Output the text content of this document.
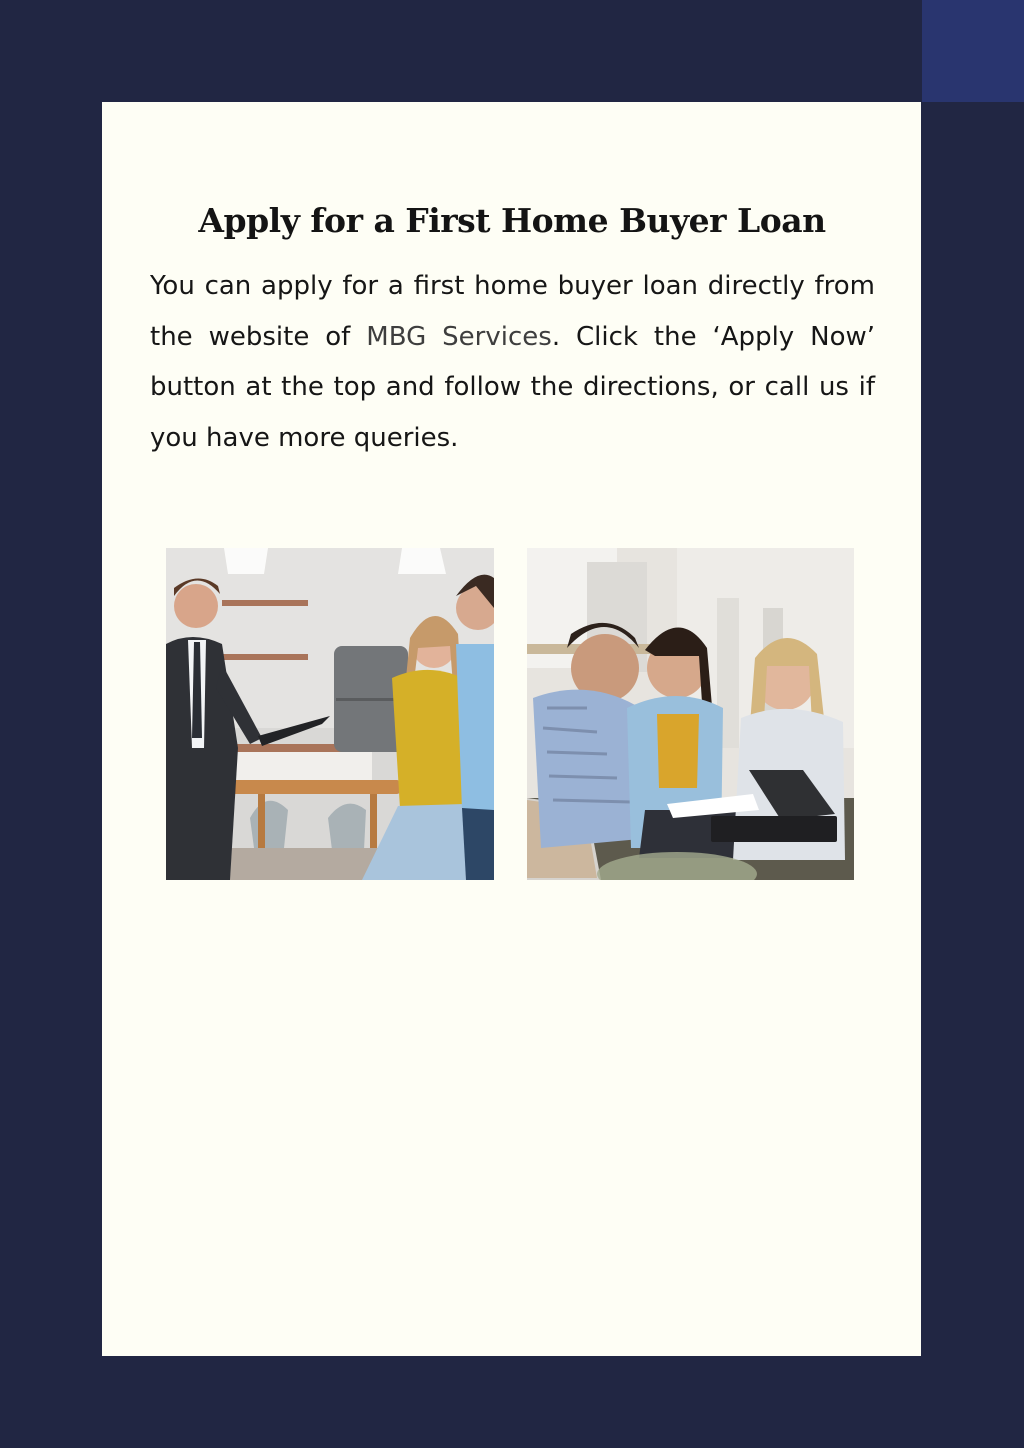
Apply for a First Home Buyer Loan

You can apply for a first home buyer loan directly from the website of MBG Services. Click the ‘Apply Now’ button at the top and follow the directions, or call us if you have more queries.
